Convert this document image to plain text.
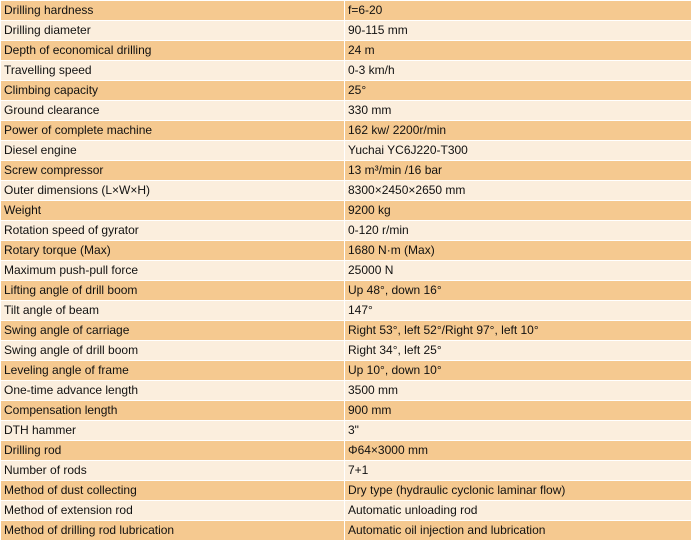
Drilling hardness	f=6-20
Drilling diameter	90-115 mm
Depth of economical drilling	24 m
Travelling speed	0-3 km/h
Climbing capacity	25°
Ground clearance	330 mm
Power of complete machine	162 kw/ 2200r/min
Diesel engine	Yuchai YC6J220-T300
Screw compressor	13 m³/min /16 bar
Outer dimensions (L×W×H)	8300×2450×2650 mm
Weight	9200 kg
Rotation speed of gyrator	0-120 r/min
Rotary torque (Max)	1680 N·m (Max)
Maximum push-pull force	25000 N
Lifting angle of drill boom	Up 48°, down 16°
Tilt angle of beam	147°
Swing angle of carriage	Right 53°, left 52°/Right 97°, left 10°
Swing angle of drill boom	Right 34°, left 25°
Leveling angle of frame	Up 10°, down 10°
One-time advance length	3500 mm
Compensation length	900 mm
DTH hammer	3"
Drilling rod	Φ64×3000 mm
Number of rods	7+1
Method of dust collecting	Dry type (hydraulic cyclonic laminar flow)
Method of extension rod	Automatic unloading rod
Method of drilling rod lubrication	Automatic oil injection and lubrication
